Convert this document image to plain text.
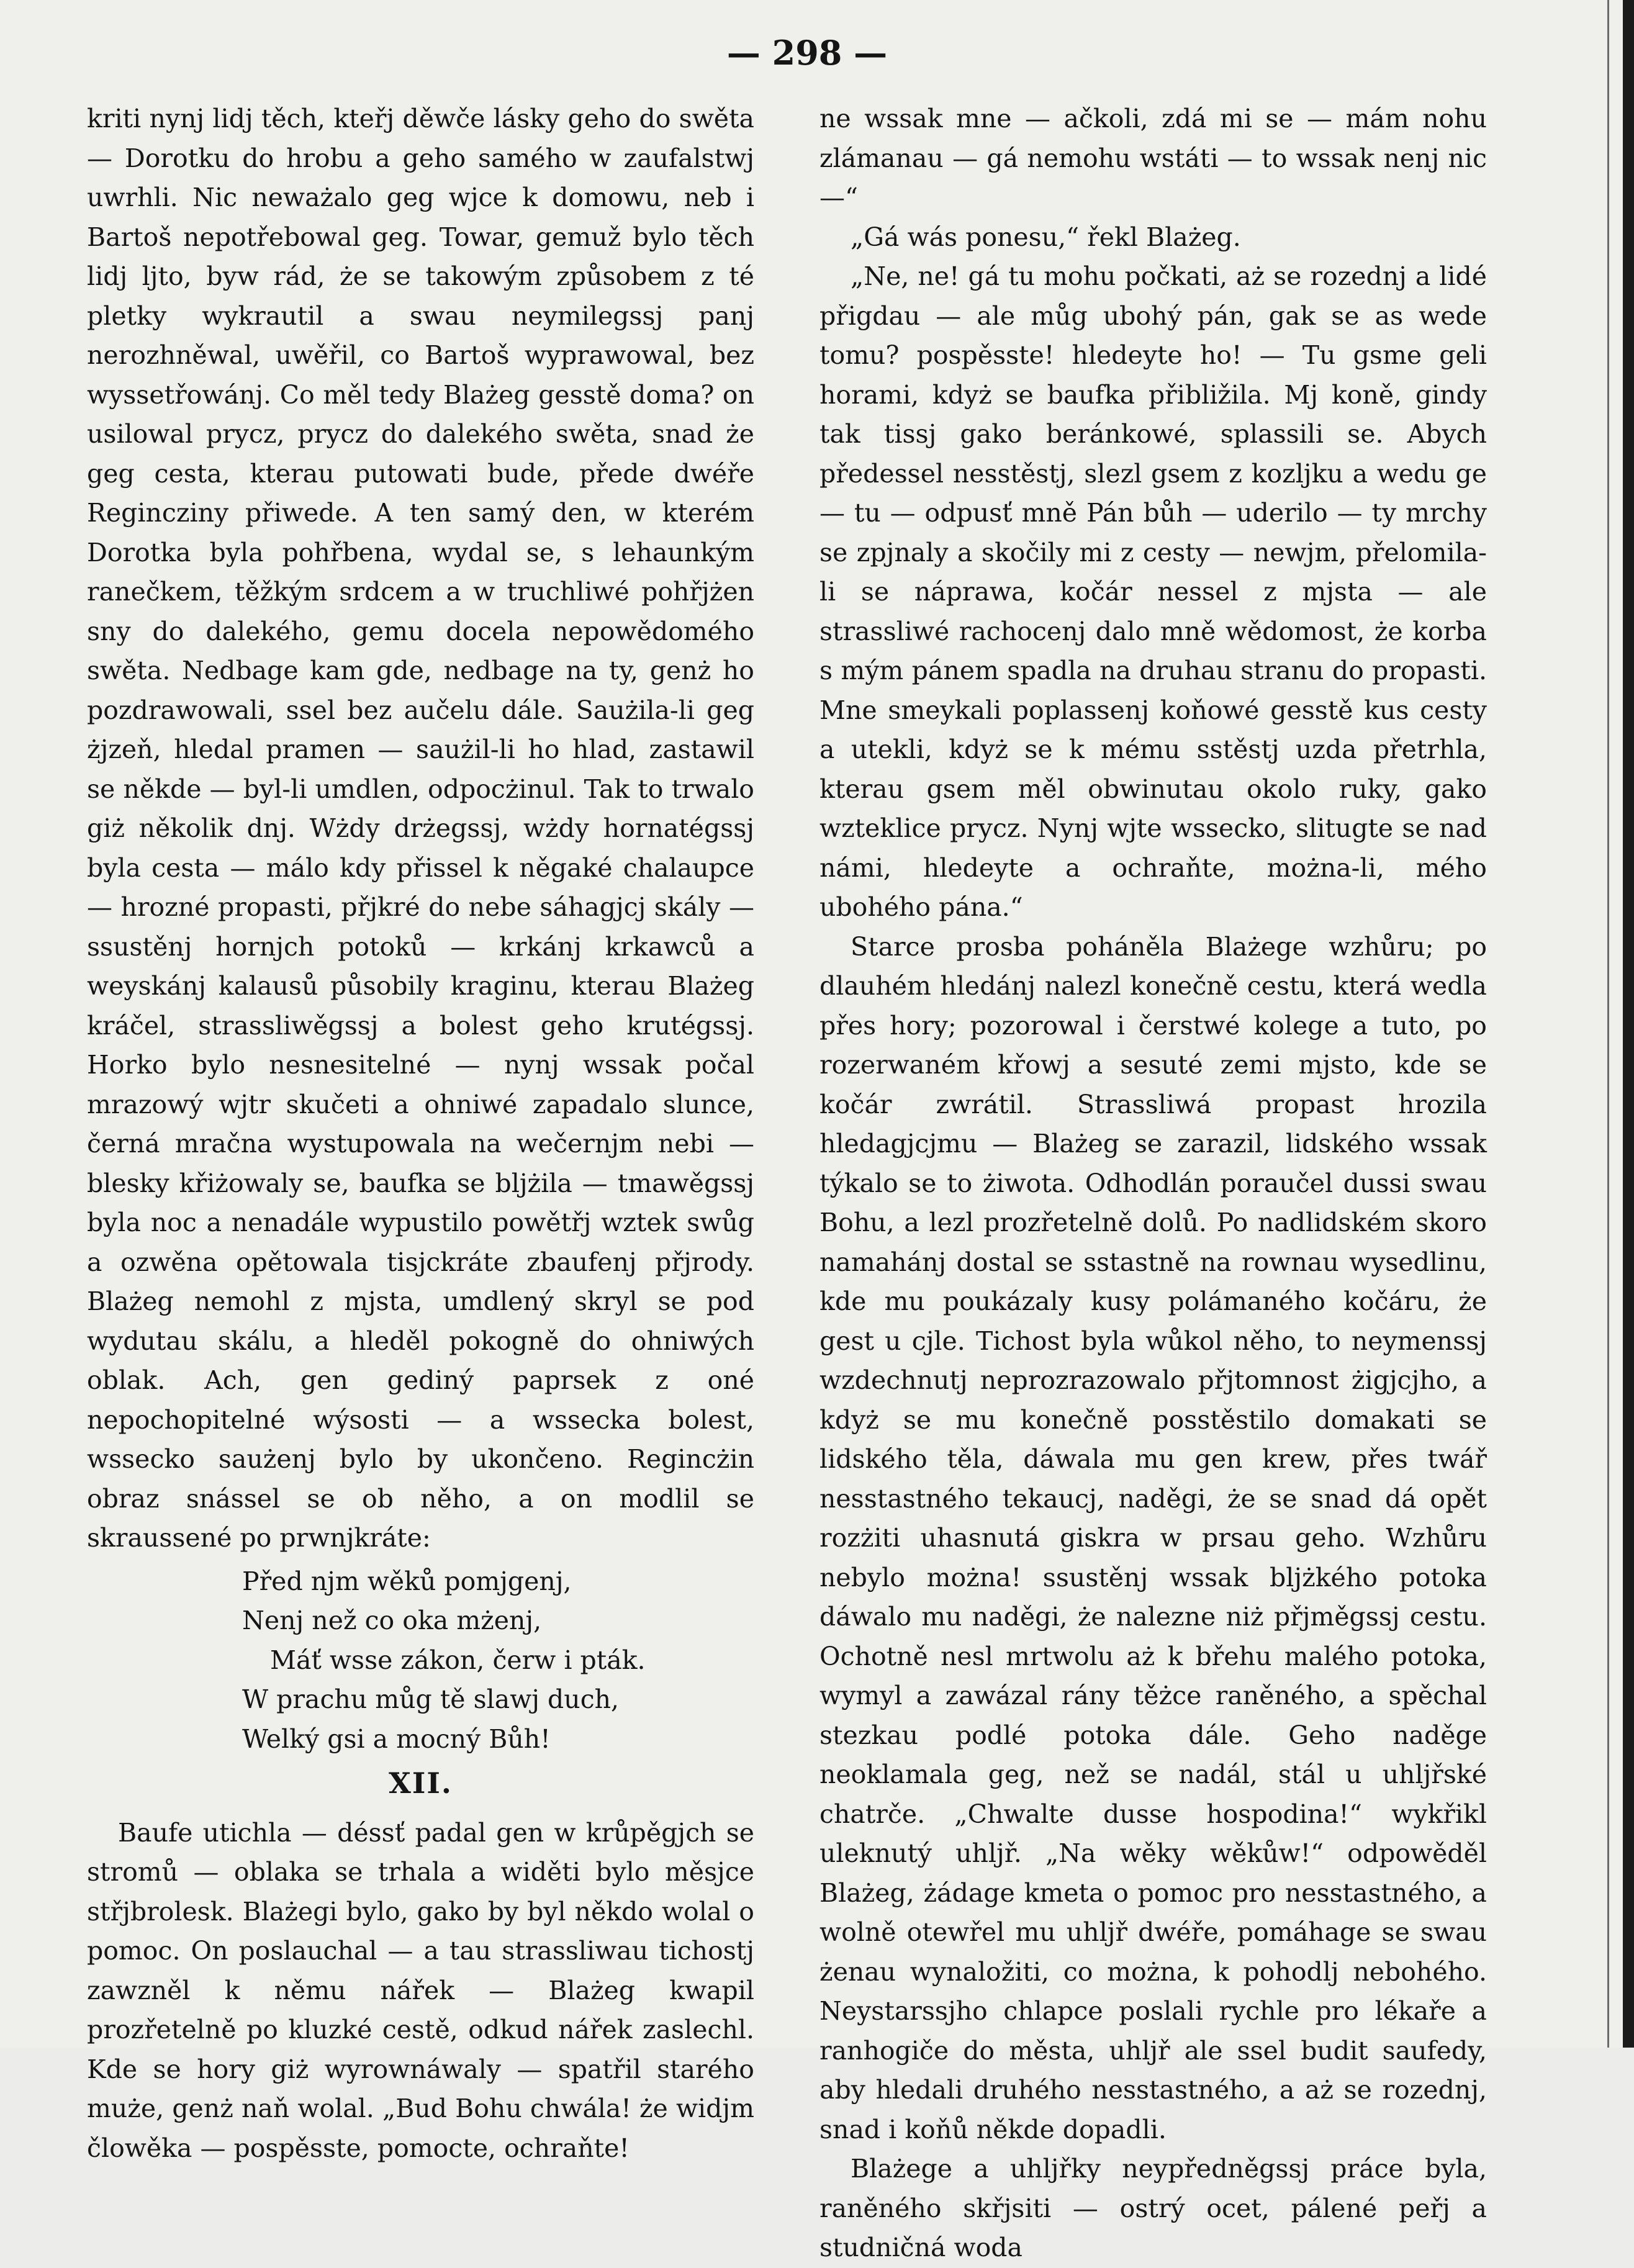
— 298 —

kriti nynj lidj těch, kteřj děwče lásky geho do swěta — Dorotku do hrobu a geho samého w zaufalstwj uwrhli. Nic neważalo geg wjce k domowu, neb i Bartoš nepotřebowal geg. Towar, gemuž bylo těch lidj ljto, byw rád, że se takowým způsobem z té pletky wykrautil a swau neymilegssj panj nerozhněwal, uwěřil, co Bartoš wyprawowal, bez wyssetřowánj. Co měl tedy Blażeg gesstě doma? on usilowal prycz, prycz do dalekého swěta, snad że geg cesta, kterau putowati bude, přede dwéře Regincziny přiwede. A ten samý den, w kterém Dorotka byla pohřbena, wydal se, s lehaunkým ranečkem, těžkým srdcem a w truchliwé pohřjżen sny do dalekého, gemu docela nepowědomého swěta. Nedbage kam gde, nedbage na ty, genż ho pozdrawowali, ssel bez aučelu dále. Saużila-li geg żjzeň, hledal pramen — saużil-li ho hlad, zastawil se někde — byl-li umdlen, odpocżinul. Tak to trwalo giż několik dnj. Wżdy drżegssj, wżdy hornatégssj byla cesta — málo kdy přissel k něgaké chalaupce — hrozné propasti, přjkré do nebe sáhagjcj skály — ssustěnj hornjch potoků — krkánj krkawců a weyskánj kalausů působily kraginu, kterau Blażeg kráčel, strassliwěgssj a bolest geho krutégssj. Horko bylo nesnesitelné — nynj wssak počal mrazowý wjtr skučeti a ohniwé zapadalo slunce, černá mračna wystupowala na wečernjm nebi — blesky křiżowaly se, baufka se blјżila — tmawěgssj byla noc a nenadále wypustilo powětřj wztek swůg a ozwěna opětowala tisjckráte zbaufenj přjrody. Blażeg nemohl z mjsta, umdlený skryl se pod wydutau skálu, a hleděl pokogně do ohniwých oblak. Ach, gen gediný paprsek z oné nepochopitelné wýsosti — a wssecka bolest, wssecko saużenj bylo by ukončeno. Regincżin obraz snássel se ob něho, a on modlil se skraussené po prwnjkráte:

Před njm wěků pomjgenj,
Nenj než co oka mżenj,
Máť wsse zákon, čerw i pták.
W prachu můg tě slawj duch,
Welký gsi a mocný Bůh!
XII.

Baufe utichla — déssť padal gen w krůpěgjch se stromů — oblaka se trhala a widěti bylo měsjce střjbrolesk. Blażegi bylo, gako by byl někdo wolal o pomoc. On poslauchal — a tau strassliwau tichostj zawzněl k němu nářek — Blażeg kwapil prozřetelně po kluzké cestě, odkud nářek zaslechl. Kde se hory giż wyrownáwaly — spatřil starého muże, genż naň wolal. „Bud Bohu chwála! że widjm člowěka — pospěsste, pomocte, ochraňte!

ne wssak mne — ačkoli, zdá mi se — mám nohu zlámanau — gá nemohu wstáti — to wssak nenj nic —“

„Gá wás ponesu,“ řekl Blażeg.

„Ne, ne! gá tu mohu počkati, aż se rozednj a lidé přigdau — ale můg ubohý pán, gak se as wede tomu? pospěsste! hledeyte ho! — Tu gsme geli horami, kdyż se baufka přibližila. Mj koně, gindy tak tissj gako beránkowé, splassili se. Abych předessel nesstěstj, slezl gsem z kozljku a wedu ge — tu — odpusť mně Pán bůh — uderilo — ty mrchy se zpjnaly a skočily mi z cesty — newjm, přelomila-li se náprawa, kočár nessel z mjsta — ale strassliwé rachocenj dalo mně wědomost, że korba s mým pánem spadla na druhau stranu do propasti. Mne smeykali poplassenj koňowé gesstě kus cesty a utekli, kdyż se k mému sstěstj uzda přetrhla, kterau gsem měl obwinutau okolo ruky, gako wzteklice prycz. Nynj wjte wssecko, slitugte se nad námi, hledeyte a ochraňte, można-li, mého ubohého pána.“

Starce prosba poháněla Blażege wzhůru; po dlauhém hledánj nalezl konečně cestu, která wedla přes hory; pozorowal i čerstwé kolege a tuto, po rozerwaném křowj a sesuté zemi mjsto, kde se kočár zwrátil. Strassliwá propast hrozila hledagjcjmu — Blażeg se zarazil, lidského wssak týkalo se to żiwota. Odhodlán poraučel dussi swau Bohu, a lezl prozřetelně dolů. Po nadlidském skoro namahánj dostal se sstastně na rownau wysedlinu, kde mu poukázaly kusy polámaného kočáru, że gest u cjle. Tichost byla wůkol něho, to neymenssj wzdechnutj neprozrazowalo přjtomnost żigjcjho, a kdyż se mu konečně posstěstilo domakati se lidského těla, dáwala mu gen krew, přes twář nesstastného tekaucj, naděgi, że se snad dá opět rozżiti uhasnutá giskra w prsau geho. Wzhůru nebylo można! ssustěnj wssak blјżkého potoka dáwalo mu naděgi, że nalezne niż přjměgssj cestu. Ochotně nesl mrtwolu aż k břehu malého potoka, wymyl a zawázal rány těżce raněného, a spěchal stezkau podlé potoka dále. Geho naděge neoklamala geg, než se nadál, stál u uhljřské chatrče. „Chwalte dusse hospodina!“ wykřikl uleknutý uhljř. „Na wěky wěkůw!“ odpowěděl Blażeg, żádage kmeta o pomoc pro nesstastného, a wolně otewřel mu uhljř dwéře, pomáhage se swau żenau wynaložiti, co można, k pohodlj nebohého. Neystarssjho chlapce poslali rychle pro lékaře a ranhogiče do města, uhljř ale ssel budit saufedy, aby hledali druhého nesstastného, a aż se rozednj, snad i koňů někde dopadli.

Blażege a uhljřky neypředněgssj práce byla, raněného skřjsiti — ostrý ocet, pálené peřj a studničná woda
